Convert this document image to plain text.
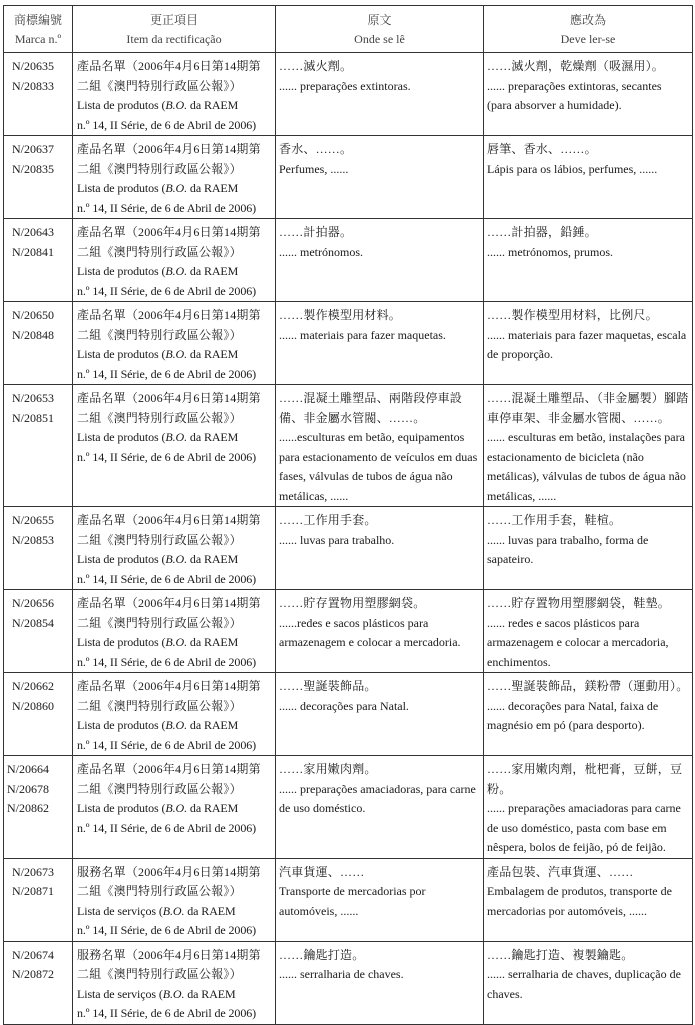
商標編號
Marca n.º	更正項目
Item da rectificação	原文
Onde se lê	應改為
Deve ler-se

N/20635
N/20833	產品名單（2006年4月6日第14期第
二組《澳門特別行政區公報》）
Lista de produtos (B.O. da RAEM
n.º 14, II Série, de 6 de Abril de 2006)	……滅火劑。
...... preparações extintoras.	……滅火劑，乾燥劑（吸濕用）。
...... preparações extintoras, secantes (para absorver a humidade).

N/20637
N/20835	產品名單（2006年4月6日第14期第
二組《澳門特別行政區公報》）
Lista de produtos (B.O. da RAEM
n.º 14, II Série, de 6 de Abril de 2006)	香水、……。
Perfumes, ......	唇筆、香水、……。
Lápis para os lábios, perfumes, ......

N/20643
N/20841	產品名單（2006年4月6日第14期第
二組《澳門特別行政區公報》）
Lista de produtos (B.O. da RAEM
n.º 14, II Série, de 6 de Abril de 2006)	……計拍器。
...... metrónomos.	……計拍器，鉛錘。
...... metrónomos, prumos.

N/20650
N/20848	產品名單（2006年4月6日第14期第
二組《澳門特別行政區公報》）
Lista de produtos (B.O. da RAEM
n.º 14, II Série, de 6 de Abril de 2006)	……製作模型用材料。
...... materiais para fazer maquetas.	……製作模型用材料，比例尺。
...... materiais para fazer maquetas, escala de proporção.

N/20653
N/20851	產品名單（2006年4月6日第14期第
二組《澳門特別行政區公報》）
Lista de produtos (B.O. da RAEM
n.º 14, II Série, de 6 de Abril de 2006)	……混凝土雕塑品、兩階段停車設備、非金屬水管閥、……。
......esculturas em betão, equipamentos para estacionamento de veículos em duas fases, válvulas de tubos de água não metálicas, ......	……混凝土雕塑品、（非金屬製）腳踏車停車架、非金屬水管閥、……。
...... esculturas em betão, instalações para estacionamento de bicicleta (não metálicas), válvulas de tubos de água não metálicas, ......

N/20655
N/20853	產品名單（2006年4月6日第14期第
二組《澳門特別行政區公報》）
Lista de produtos (B.O. da RAEM
n.º 14, II Série, de 6 de Abril de 2006)	……工作用手套。
...... luvas para trabalho.	……工作用手套，鞋楦。
...... luvas para trabalho, forma de sapateiro.

N/20656
N/20854	產品名單（2006年4月6日第14期第
二組《澳門特別行政區公報》）
Lista de produtos (B.O. da RAEM
n.º 14, II Série, de 6 de Abril de 2006)	……貯存置物用塑膠網袋。
......redes e sacos plásticos para armazenagem e colocar a mercadoria.	……貯存置物用塑膠網袋，鞋墊。
...... redes e sacos plásticos para armazenagem e colocar a mercadoria, enchimentos.

N/20662
N/20860	產品名單（2006年4月6日第14期第
二組《澳門特別行政區公報》）
Lista de produtos (B.O. da RAEM
n.º 14, II Série, de 6 de Abril de 2006)	……聖誕裝飾品。
...... decorações para Natal.	……聖誕裝飾品，鎂粉帶（運動用）。
...... decorações para Natal, faixa de magnésio em pó (para desporto).

N/20664
N/20678
N/20862	產品名單（2006年4月6日第14期第
二組《澳門特別行政區公報》）
Lista de produtos (B.O. da RAEM
n.º 14, II Série, de 6 de Abril de 2006)	……家用嫩肉劑。
...... preparações amaciadoras, para carne de uso doméstico.	……家用嫩肉劑，枇杷膏，豆餅，豆粉。
...... preparações amaciadoras para carne de uso doméstico, pasta com base em nêspera, bolos de feijão, pó de feijão.

N/20673
N/20871	服務名單（2006年4月6日第14期第
二組《澳門特別行政區公報》）
Lista de serviços (B.O. da RAEM
n.º 14, II Série, de 6 de Abril de 2006)	汽車貨運、……
Transporte de mercadorias por automóveis, ......	產品包裝、汽車貨運、……
Embalagem de produtos, transporte de mercadorias por automóveis, ......

N/20674
N/20872	服務名單（2006年4月6日第14期第
二組《澳門特別行政區公報》）
Lista de serviços (B.O. da RAEM
n.º 14, II Série, de 6 de Abril de 2006)	……鑰匙打造。
...... serralharia de chaves.	……鑰匙打造、複製鑰匙。
...... serralharia de chaves, duplicação de chaves.
